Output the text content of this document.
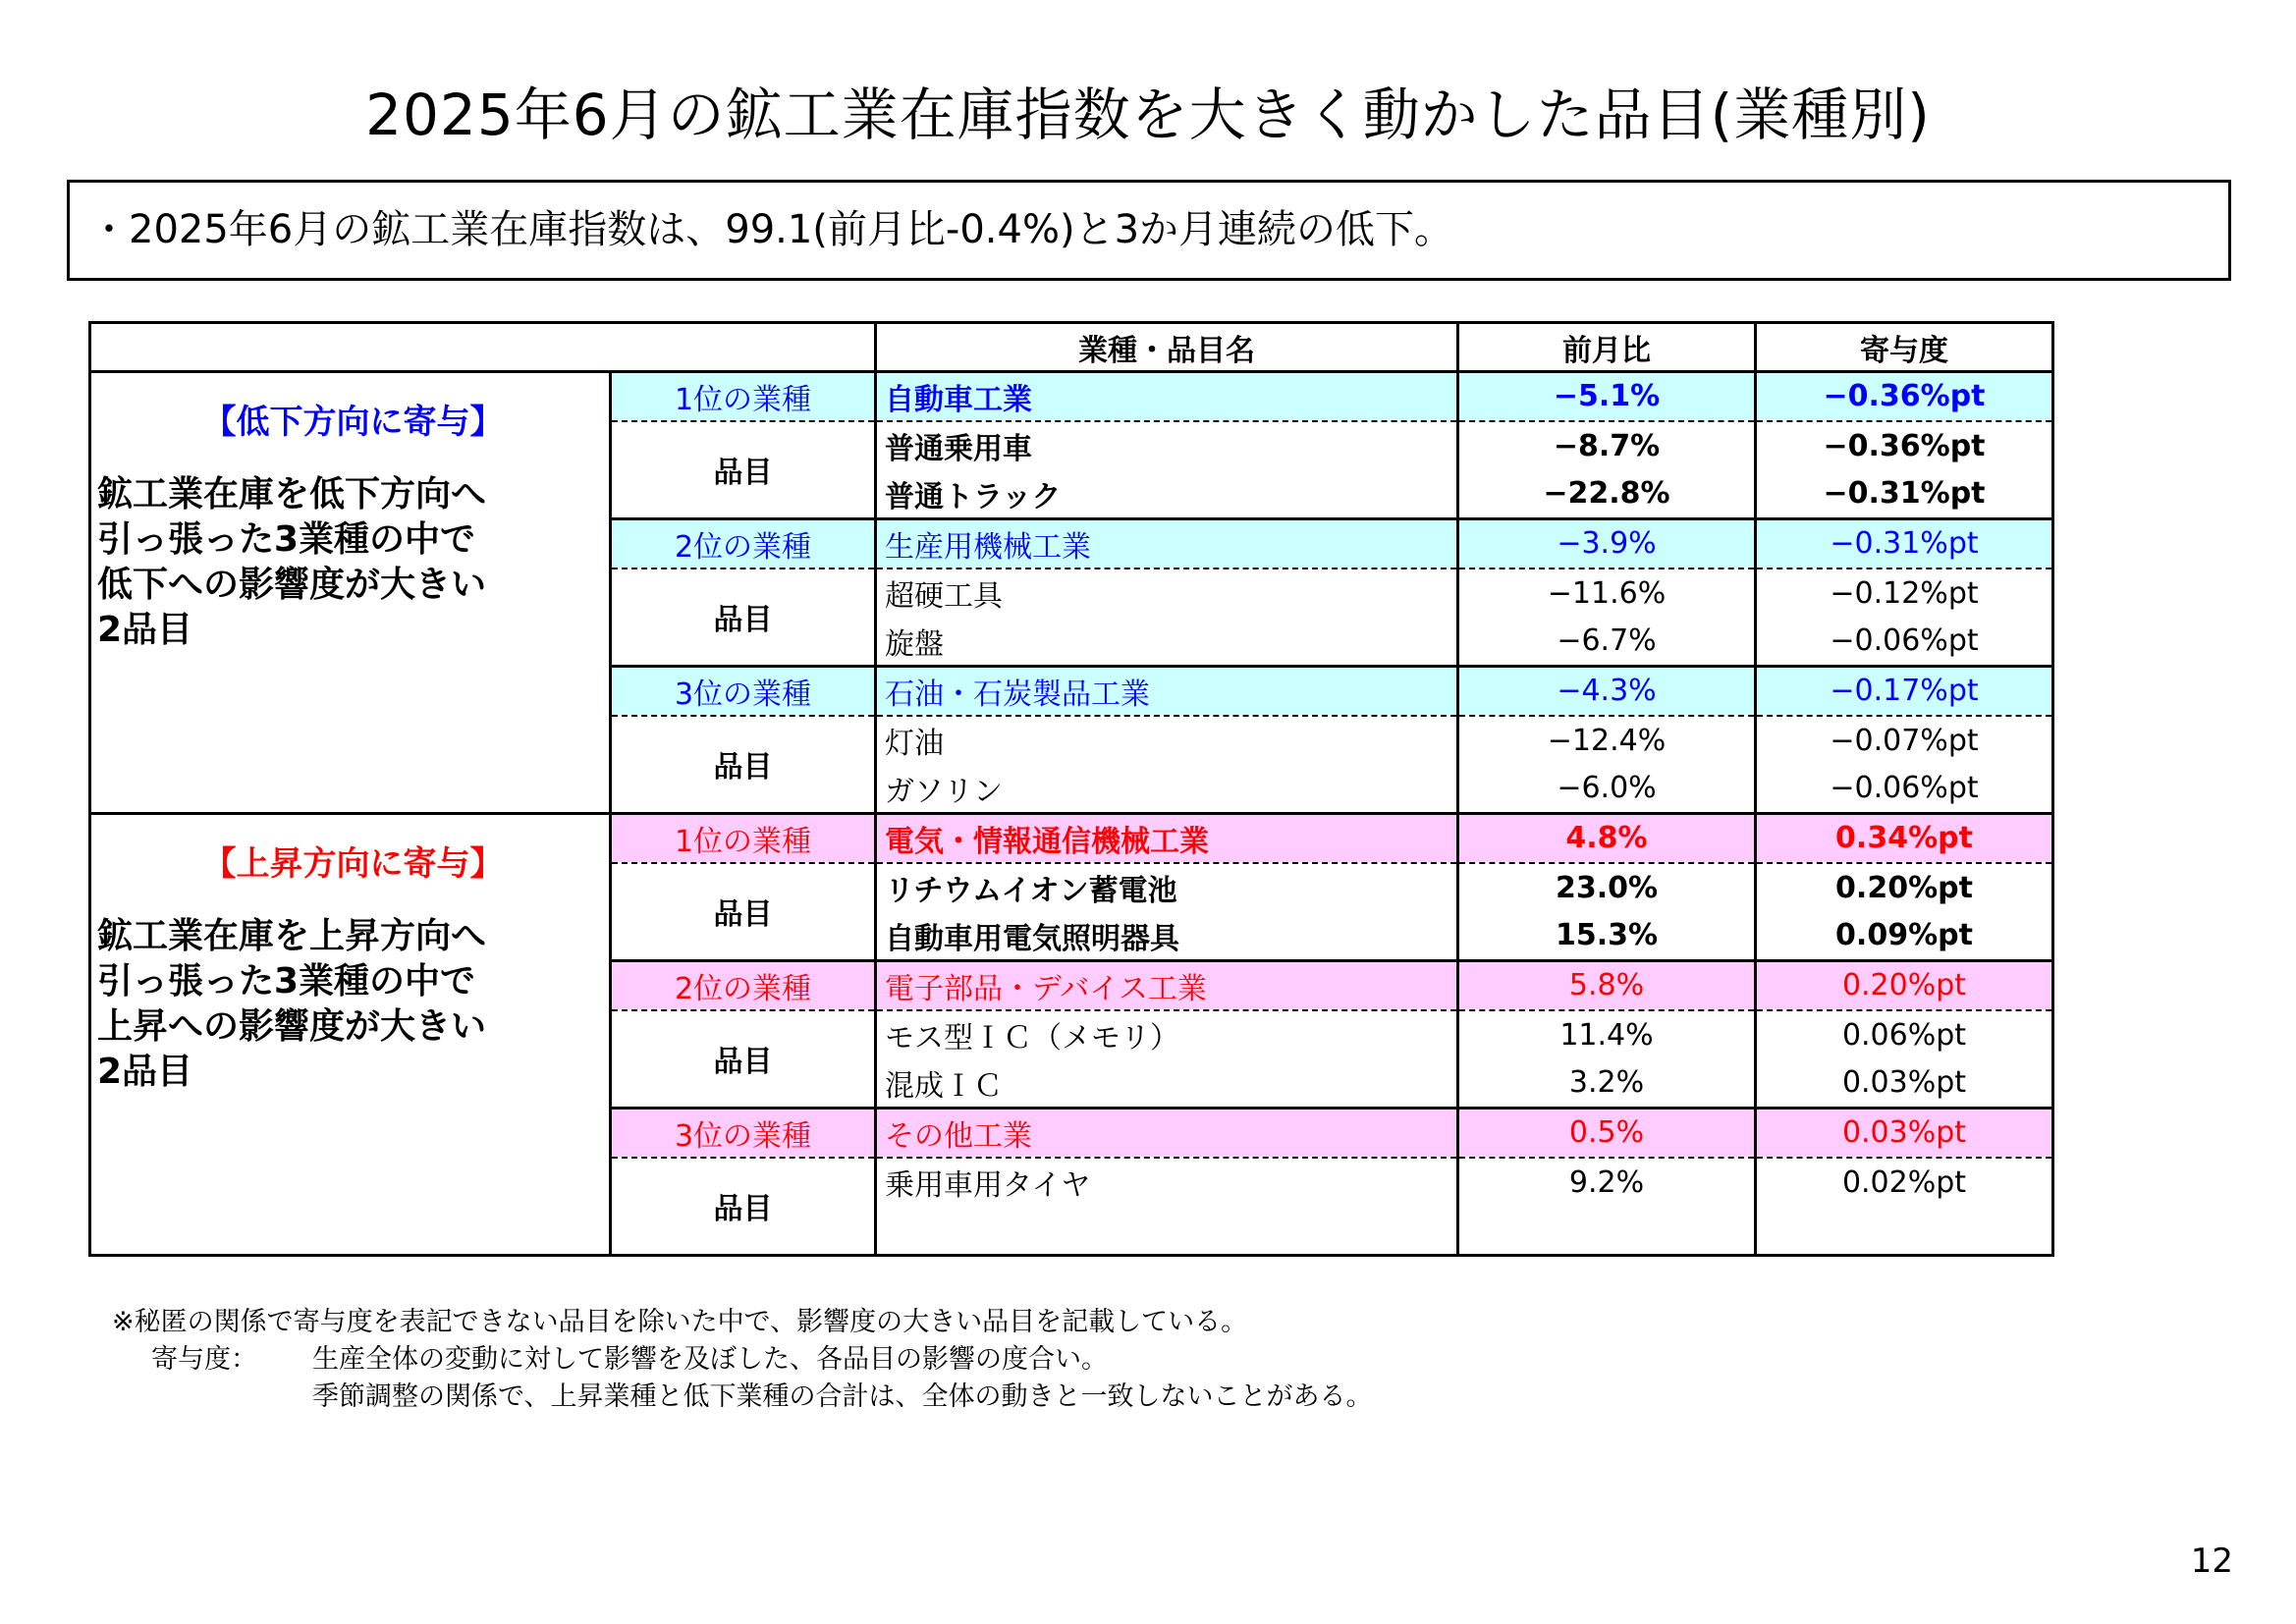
2025年6月の鉱工業在庫指数を大きく動かした品目(業種別)
・2025年6月の鉱工業在庫指数は、99.1(前月比-0.4%)と3か月連続の低下。
		業種・品目名	前月比	寄与度

【低下方向に寄与】
鉱工業在庫を低下方向へ
引っ張った3業種の中で
低下への影響度が大きい
2品目	1位の業種	自動車工業	−5.1%	−0.36%pt
	品目	普通乗用車	−8.7%	−0.36%pt
		普通トラック	−22.8%	−0.31%pt
	2位の業種	生産用機械工業	−3.9%	−0.31%pt
	品目	超硬工具	−11.6%	−0.12%pt
		旋盤	−6.7%	−0.06%pt
	3位の業種	石油・石炭製品工業	−4.3%	−0.17%pt
	品目	灯油	−12.4%	−0.07%pt
		ガソリン	−6.0%	−0.06%pt

【上昇方向に寄与】
鉱工業在庫を上昇方向へ
引っ張った3業種の中で
上昇への影響度が大きい
2品目	1位の業種	電気・情報通信機械工業	4.8%	0.34%pt
	品目	リチウムイオン蓄電池	23.0%	0.20%pt
		自動車用電気照明器具	15.3%	0.09%pt
	2位の業種	電子部品・デバイス工業	5.8%	0.20%pt
	品目	モス型ＩＣ（メモリ）	11.4%	0.06%pt
		混成ＩＣ	3.2%	0.03%pt
	3位の業種	その他工業	0.5%	0.03%pt
	品目	乗用車用タイヤ	9.2%	0.02%pt

※秘匿の関係で寄与度を表記できない品目を除いた中で、影響度の大きい品目を記載している。
寄与度：	生産全体の変動に対して影響を及ぼした、各品目の影響の度合い。
季節調整の関係で、上昇業種と低下業種の合計は、全体の動きと一致しないことがある。
12
